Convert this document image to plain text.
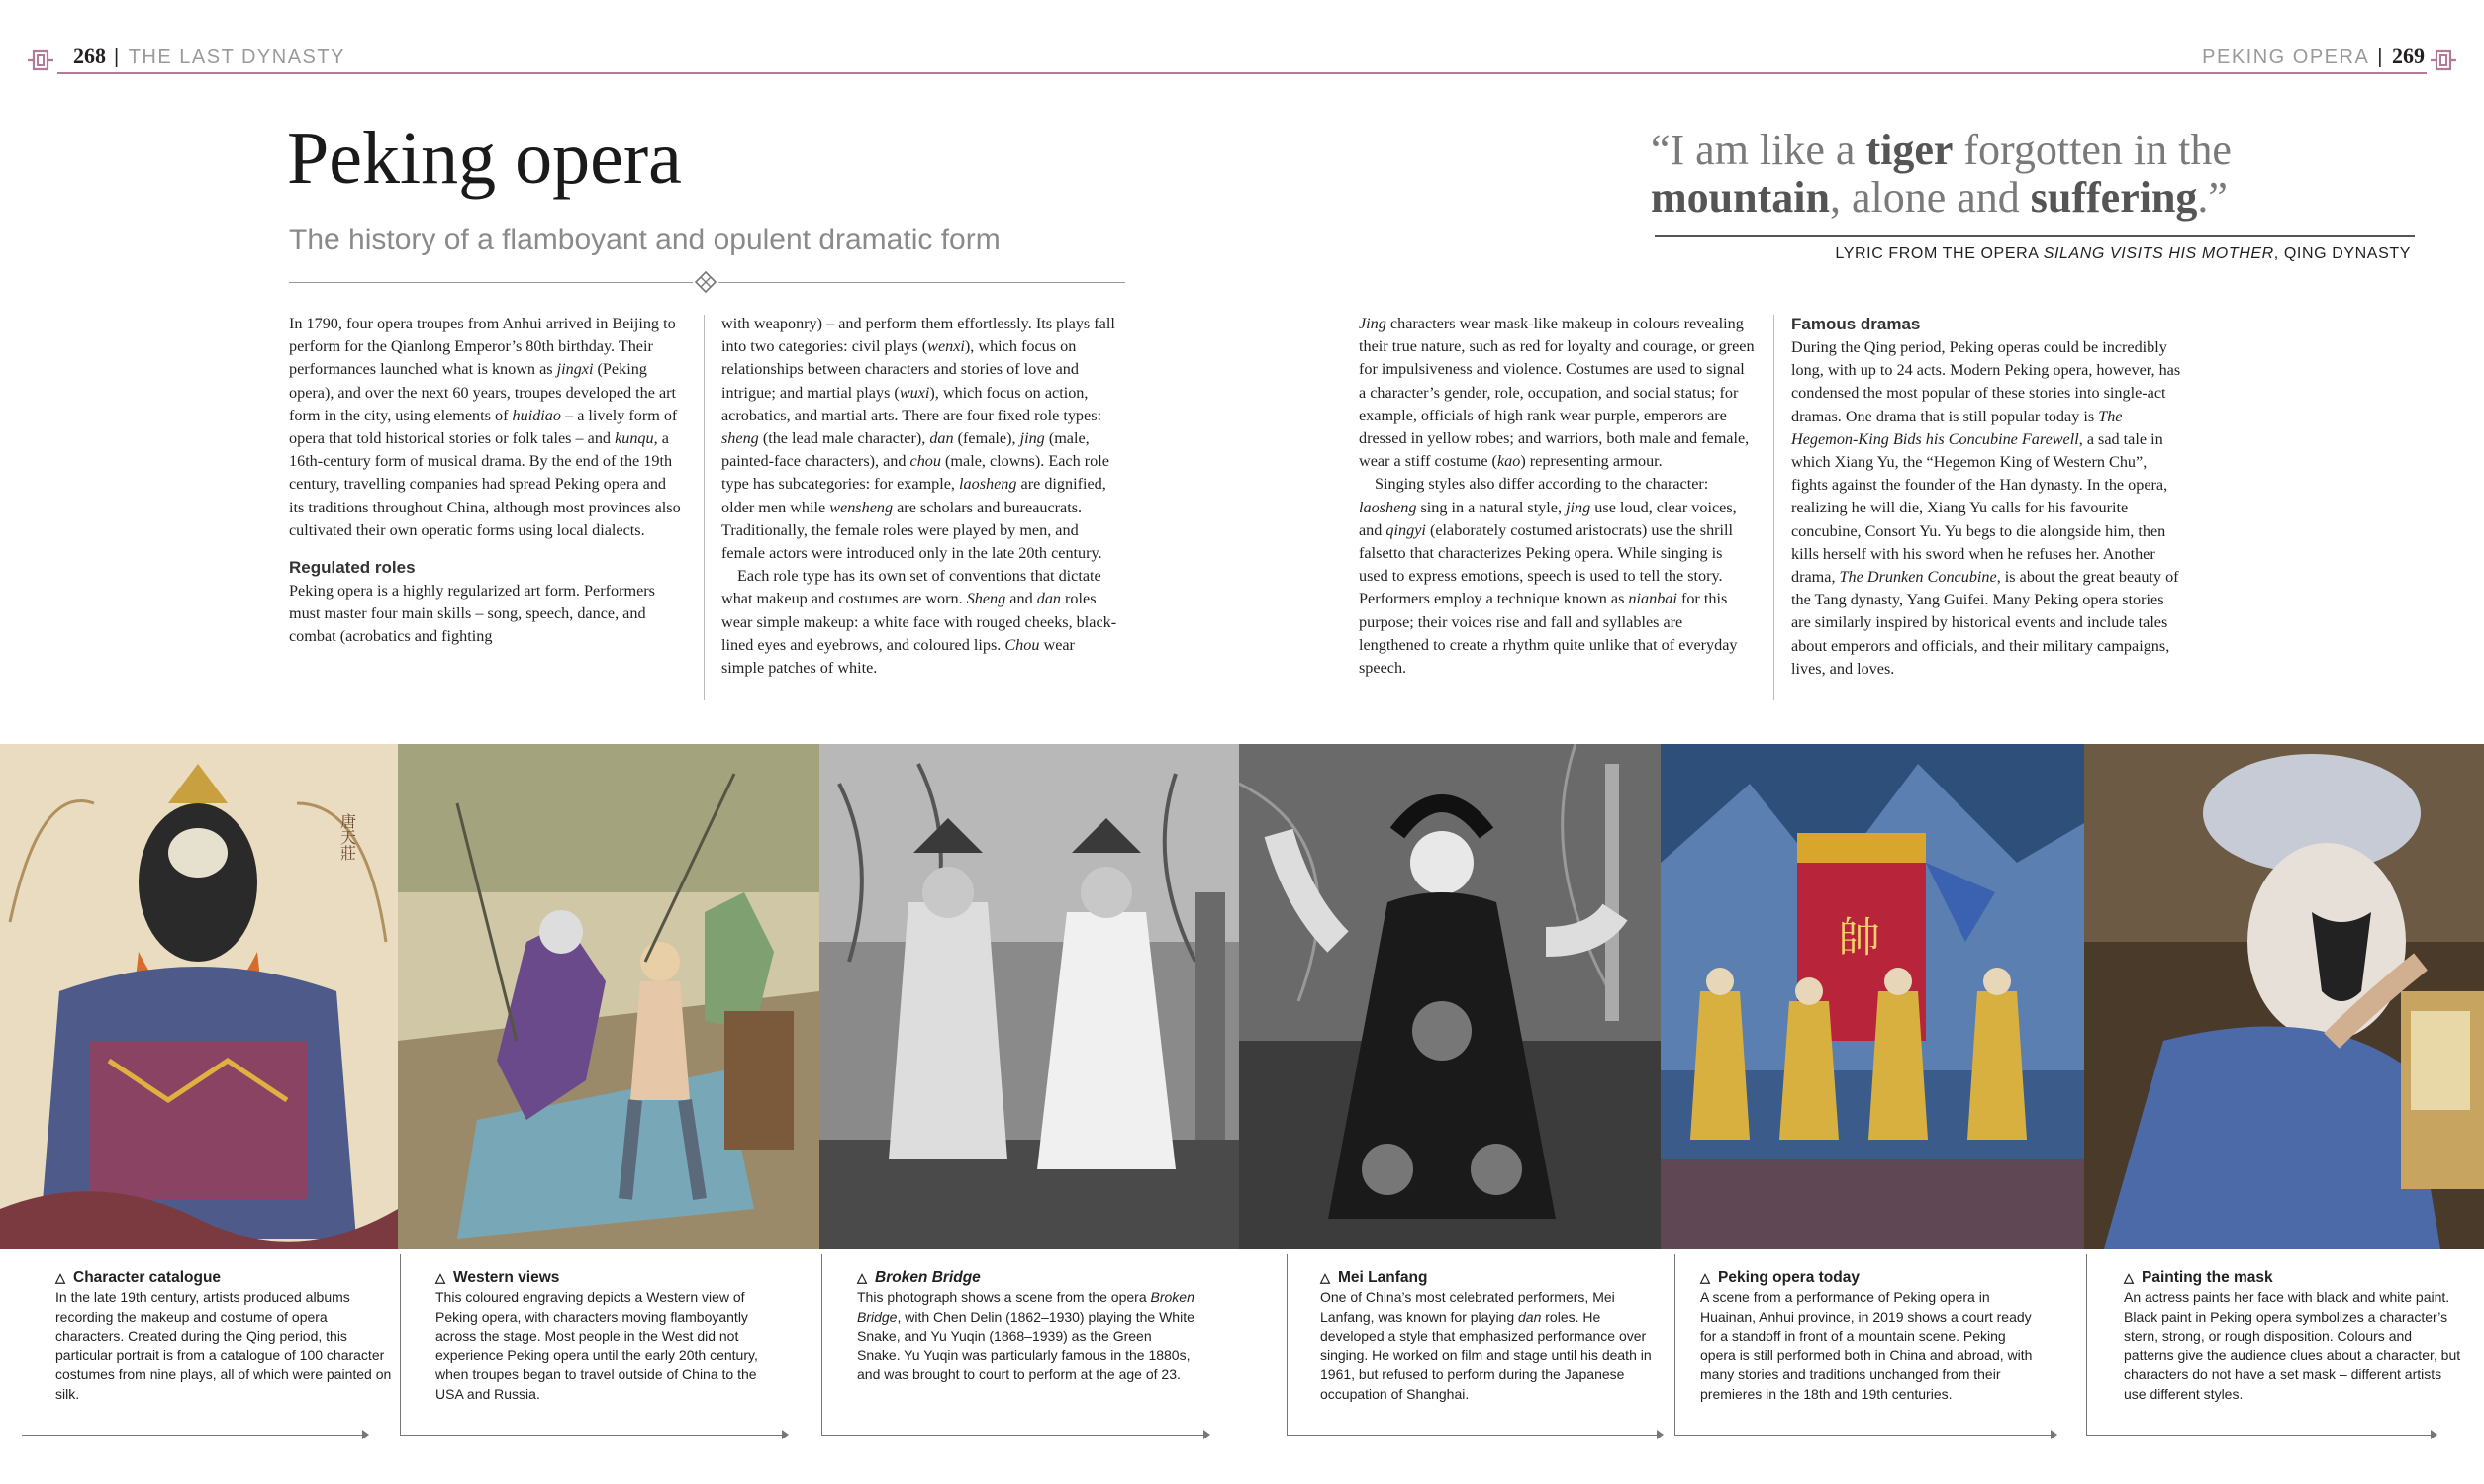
268 | THE LAST DYNASTY	PEKING OPERA | 269
Peking opera

The history of a flamboyant and opulent dramatic form

“I am like a tiger forgotten in the
mountain, alone and suffering.”
LYRIC FROM THE OPERA SILANG VISITS HIS MOTHER, QING DYNASTY

In 1790, four opera troupes from Anhui arrived in Beijing to perform for the Qianlong Emperor’s 80th birthday. Their performances launched what is known as jingxi (Peking opera), and over the next 60 years, troupes developed the art form in the city, using elements of huidiao – a lively form of opera that told historical stories or folk tales – and kunqu, a 16th-century form of musical drama. By the end of the 19th century, travelling companies had spread Peking opera and its traditions throughout China, although most provinces also cultivated their own operatic forms using local dialects.

Regulated roles

Peking opera is a highly regularized art form. Performers must master four main skills – song, speech, dance, and combat (acrobatics and fighting

with weaponry) – and perform them effortlessly. Its plays fall into two categories: civil plays (wenxi), which focus on relationships between characters and stories of love and intrigue; and martial plays (wuxi), which focus on action, acrobatics, and martial arts. There are four fixed role types: sheng (the lead male character), dan (female), jing (male, painted-face characters), and chou (male, clowns). Each role type has subcategories: for example, laosheng are dignified, older men while wensheng are scholars and bureaucrats. Traditionally, the female roles were played by men, and female actors were introduced only in the late 20th century.

Each role type has its own set of conventions that dictate what makeup and costumes are worn. Sheng and dan roles wear simple makeup: a white face with rouged cheeks, black-lined eyes and eyebrows, and coloured lips. Chou wear simple patches of white.

Jing characters wear mask-like makeup in colours revealing their true nature, such as red for loyalty and courage, or green for impulsiveness and violence. Costumes are used to signal a character’s gender, role, occupation, and social status; for example, officials of high rank wear purple, emperors are dressed in yellow robes; and warriors, both male and female, wear a stiff costume (kao) representing armour.

Singing styles also differ according to the character: laosheng sing in a natural style, jing use loud, clear voices, and qingyi (elaborately costumed aristocrats) use the shrill falsetto that characterizes Peking opera. While singing is used to express emotions, speech is used to tell the story. Performers employ a technique known as nianbai for this purpose; their voices rise and fall and syllables are lengthened to create a rhythm quite unlike that of everyday speech.

Famous dramas

During the Qing period, Peking operas could be incredibly long, with up to 24 acts. Modern Peking opera, however, has condensed the most popular of these stories into single-act dramas. One drama that is still popular today is The Hegemon-King Bids his Concubine Farewell, a sad tale in which Xiang Yu, the “Hegemon King of Western Chu”, fights against the founder of the Han dynasty. In the opera, realizing he will die, Xiang Yu calls for his favourite concubine, Consort Yu. Yu begs to die alongside him, then kills herself with his sword when he refuses her. Another drama, The Drunken Concubine, is about the great beauty of the Tang dynasty, Yang Guifei. Many Peking opera stories are similarly inspired by historical events and include tales about emperors and officials, and their military campaigns, lives, and loves.

唐天莊
帥
△ Character catalogue

In the late 19th century, artists produced albums recording the makeup and costume of opera characters. Created during the Qing period, this particular portrait is from a catalogue of 100 character costumes from nine plays, all of which were painted on silk.

△ Western views

This coloured engraving depicts a Western view of Peking opera, with characters moving flamboyantly across the stage. Most people in the West did not experience Peking opera until the early 20th century, when troupes began to travel outside of China to the USA and Russia.

△ Broken Bridge

This photograph shows a scene from the opera Broken Bridge, with Chen Delin (1862–1930) playing the White Snake, and Yu Yuqin (1868–1939) as the Green Snake. Yu Yuqin was particularly famous in the 1880s, and was brought to court to perform at the age of 23.

△ Mei Lanfang

One of China’s most celebrated performers, Mei Lanfang, was known for playing dan roles. He developed a style that emphasized performance over singing. He worked on film and stage until his death in 1961, but refused to perform during the Japanese occupation of Shanghai.

△ Peking opera today

A scene from a performance of Peking opera in Huainan, Anhui province, in 2019 shows a court ready for a standoff in front of a mountain scene. Peking opera is still performed both in China and abroad, with many stories and traditions unchanged from their premieres in the 18th and 19th centuries.

△ Painting the mask

An actress paints her face with black and white paint. Black paint in Peking opera symbolizes a character’s stern, strong, or rough disposition. Colours and patterns give the audience clues about a character, but characters do not have a set mask – different artists use different styles.
